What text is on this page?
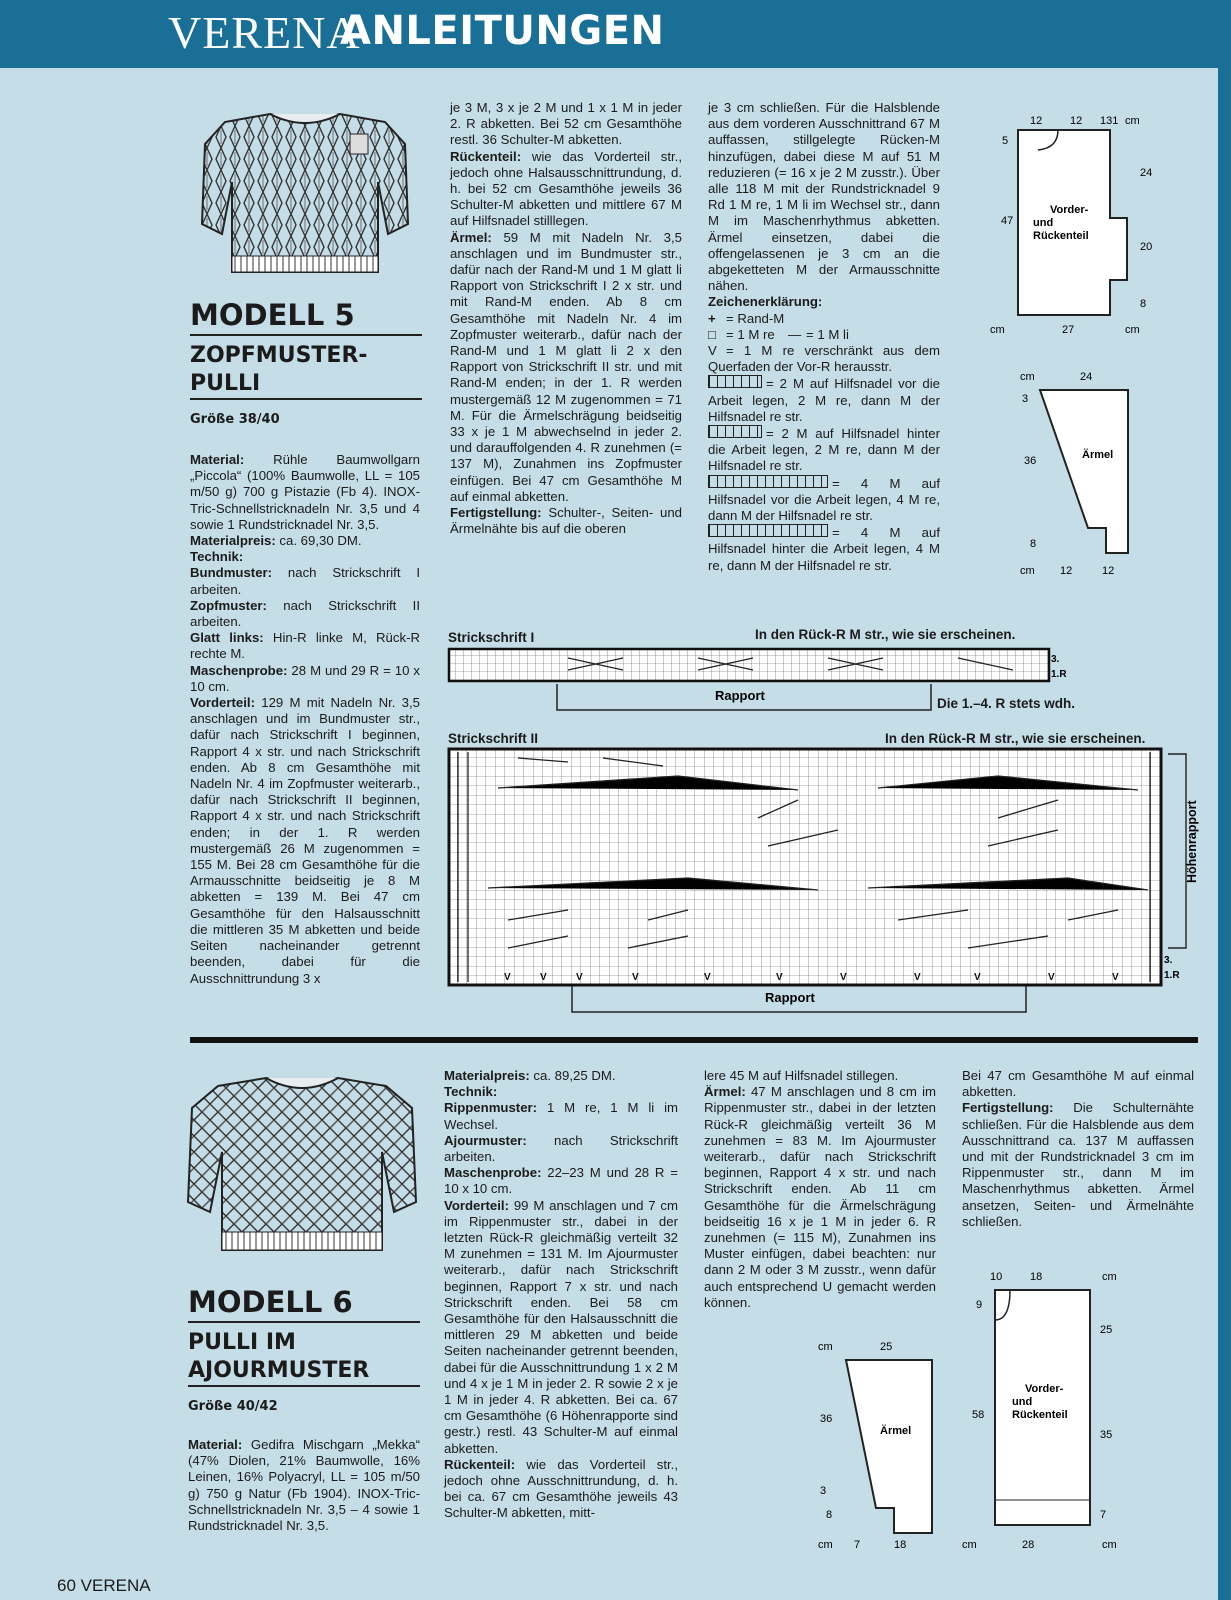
VERENA
ANLEITUNGEN
MODELL 5
ZOPFMUSTER-
PULLI
Größe 38/40

Material: Rühle Baumwollgarn „Piccola“ (100% Baumwolle, LL = 105 m/50 g) 700 g Pistazie (Fb 4). INOX-Tric-Schnellstricknadeln Nr. 3,5 und 4 sowie 1 Rundstricknadel Nr. 3,5.

Materialpreis: ca. 69,30 DM.

Technik:

Bundmuster: nach Strickschrift I arbeiten.

Zopfmuster: nach Strickschrift II arbeiten.

Glatt links: Hin-R linke M, Rück-R rechte M.

Maschenprobe: 28 M und 29 R = 10 x 10 cm.

Vorderteil: 129 M mit Nadeln Nr. 3,5 anschlagen und im Bundmuster str., dafür nach Strickschrift I beginnen, Rapport 4 x str. und nach Strickschrift enden. Ab 8 cm Gesamthöhe mit Nadeln Nr. 4 im Zopfmuster weiterarb., dafür nach Strickschrift II beginnen, Rapport 4 x str. und nach Strickschrift enden; in der 1. R werden mustergemäß 26 M zugenommen = 155 M. Bei 28 cm Gesamthöhe für die Armausschnitte beidseitig je 8 M abketten = 139 M. Bei 47 cm Gesamthöhe für den Halsausschnitt die mittleren 35 M abketten und beide Seiten nacheinander getrennt beenden, dabei für die Ausschnittrundung 3 x

je 3 M, 3 x je 2 M und 1 x 1 M in jeder 2. R abketten. Bei 52 cm Gesamthöhe restl. 36 Schulter-M abketten.

Rückenteil: wie das Vorderteil str., jedoch ohne Halsausschnittrundung, d. h. bei 52 cm Gesamthöhe jeweils 36 Schulter-M abketten und mittlere 67 M auf Hilfsnadel stilllegen.

Ärmel: 59 M mit Nadeln Nr. 3,5 anschlagen und im Bundmuster str., dafür nach der Rand-M und 1 M glatt li Rapport von Strickschrift I 2 x str. und mit Rand-M enden. Ab 8 cm Gesamthöhe mit Nadeln Nr. 4 im Zopfmuster weiterarb., dafür nach der Rand-M und 1 M glatt li 2 x den Rapport von Strickschrift II str. und mit Rand-M enden; in der 1. R werden mustergemäß 12 M zugenommen = 71 M. Für die Ärmelschrägung beidseitig 33 x je 1 M abwechselnd in jeder 2. und darauffolgenden 4. R zunehmen (= 137 M), Zunahmen ins Zopfmuster einfügen. Bei 47 cm Gesamthöhe M auf einmal abketten.

Fertigstellung: Schulter-, Seiten- und Ärmelnähte bis auf die oberen

je 3 cm schließen. Für die Halsblende aus dem vorderen Ausschnittrand 67 M auffassen, stillgelegte Rücken-M hinzufügen, dabei diese M auf 51 M reduzieren (= 16 x je 2 M zusstr.). Über alle 118 M mit der Rundstricknadel 9 Rd 1 M re, 1 M li im Wechsel str., dann M im Maschenrhythmus abketten. Ärmel einsetzen, dabei die offengelassenen je 3 cm an die abgeketteten M der Armausschnitte nähen.

Zeichenerklärung:

+ = Rand-M
□ = 1 M re	— = 1 M li

V = 1 M re verschränkt aus dem Querfaden der Vor-R herausstr.

= 2 M auf Hilfsnadel vor die Arbeit legen, 2 M re, dann M der Hilfsnadel re str.

= 2 M auf Hilfsnadel hinter die Arbeit legen, 2 M re, dann M der Hilfsnadel re str.

= 4 M auf Hilfsnadel vor die Arbeit legen, 4 M re, dann M der Hilfsnadel re str.

= 4 M auf Hilfsnadel hinter die Arbeit legen, 4 M re, dann M der Hilfsnadel re str.

12	12 131 cm
5
47
24
20
8
cm	27	cm
Vorder-
und
Rückenteil
cm	24
3
36
8
cm 12	12
Ärmel
Strickschrift I	In den Rück-R M str., wie sie erscheinen.
3.
1.R
Rapport
Die 1.–4. R stets wdh.
Strickschrift II	In den Rück-R M str., wie sie erscheinen.
V	V	V	V	V	V	V	V	V	V	V
3.
1.R
Höhenrapport
Rapport
MODELL 6
PULLI IM
AJOURMUSTER
Größe 40/42

Material: Gedifra Mischgarn „Mekka“ (47% Diolen, 21% Baumwolle, 16% Leinen, 16% Polyacryl, LL = 105 m/50 g) 750 g Natur (Fb 1904). INOX-Tric-Schnellstricknadeln Nr. 3,5 – 4 sowie 1 Rundstricknadel Nr. 3,5.

Materialpreis: ca. 89,25 DM.

Technik:

Rippenmuster: 1 M re, 1 M li im Wechsel.

Ajourmuster: nach Strickschrift arbeiten.

Maschenprobe: 22–23 M und 28 R = 10 x 10 cm.

Vorderteil: 99 M anschlagen und 7 cm im Rippenmuster str., dabei in der letzten Rück-R gleichmäßig verteilt 32 M zunehmen = 131 M. Im Ajourmuster weiterarb., dafür nach Strickschrift beginnen, Rapport 7 x str. und nach Strickschrift enden. Bei 58 cm Gesamthöhe für den Halsausschnitt die mittleren 29 M abketten und beide Seiten nacheinander getrennt beenden, dabei für die Ausschnittrundung 1 x 2 M und 4 x je 1 M in jeder 2. R sowie 2 x je 1 M in jeder 4. R abketten. Bei ca. 67 cm Gesamthöhe (6 Höhenrapporte sind gestr.) restl. 43 Schulter-M auf einmal abketten.

Rückenteil: wie das Vorderteil str., jedoch ohne Ausschnittrundung, d. h. bei ca. 67 cm Gesamthöhe jeweils 43 Schulter-M abketten, mitt-

lere 45 M auf Hilfsnadel stillegen.

Ärmel: 47 M anschlagen und 8 cm im Rippenmuster str., dabei in der letzten Rück-R gleichmäßig verteilt 36 M zunehmen = 83 M. Im Ajourmuster weiterarb., dafür nach Strickschrift beginnen, Rapport 4 x str. und nach Strickschrift enden. Ab 11 cm Gesamthöhe für die Ärmelschrägung beidseitig 16 x je 1 M in jeder 6. R zunehmen (= 115 M), Zunahmen ins Muster einfügen, dabei beachten: nur dann 2 M oder 3 M zusstr., wenn dafür auch entsprechend U gemacht werden können.

Bei 47 cm Gesamthöhe M auf einmal abketten.

Fertigstellung: Die Schulternähte schließen. Für die Halsblende aus dem Ausschnittrand ca. 137 M auffassen und mit der Rundstricknadel 3 cm im Rippenmuster str., dann M im Maschenrhythmus abketten. Ärmel ansetzen, Seiten- und Ärmelnähte schließen.

cm	25
36
3
8
cm 7	18
Ärmel
10	18	cm
9
58
25
35
7
cm	28	cm
Vorder-
und
Rückenteil
60 VERENA
